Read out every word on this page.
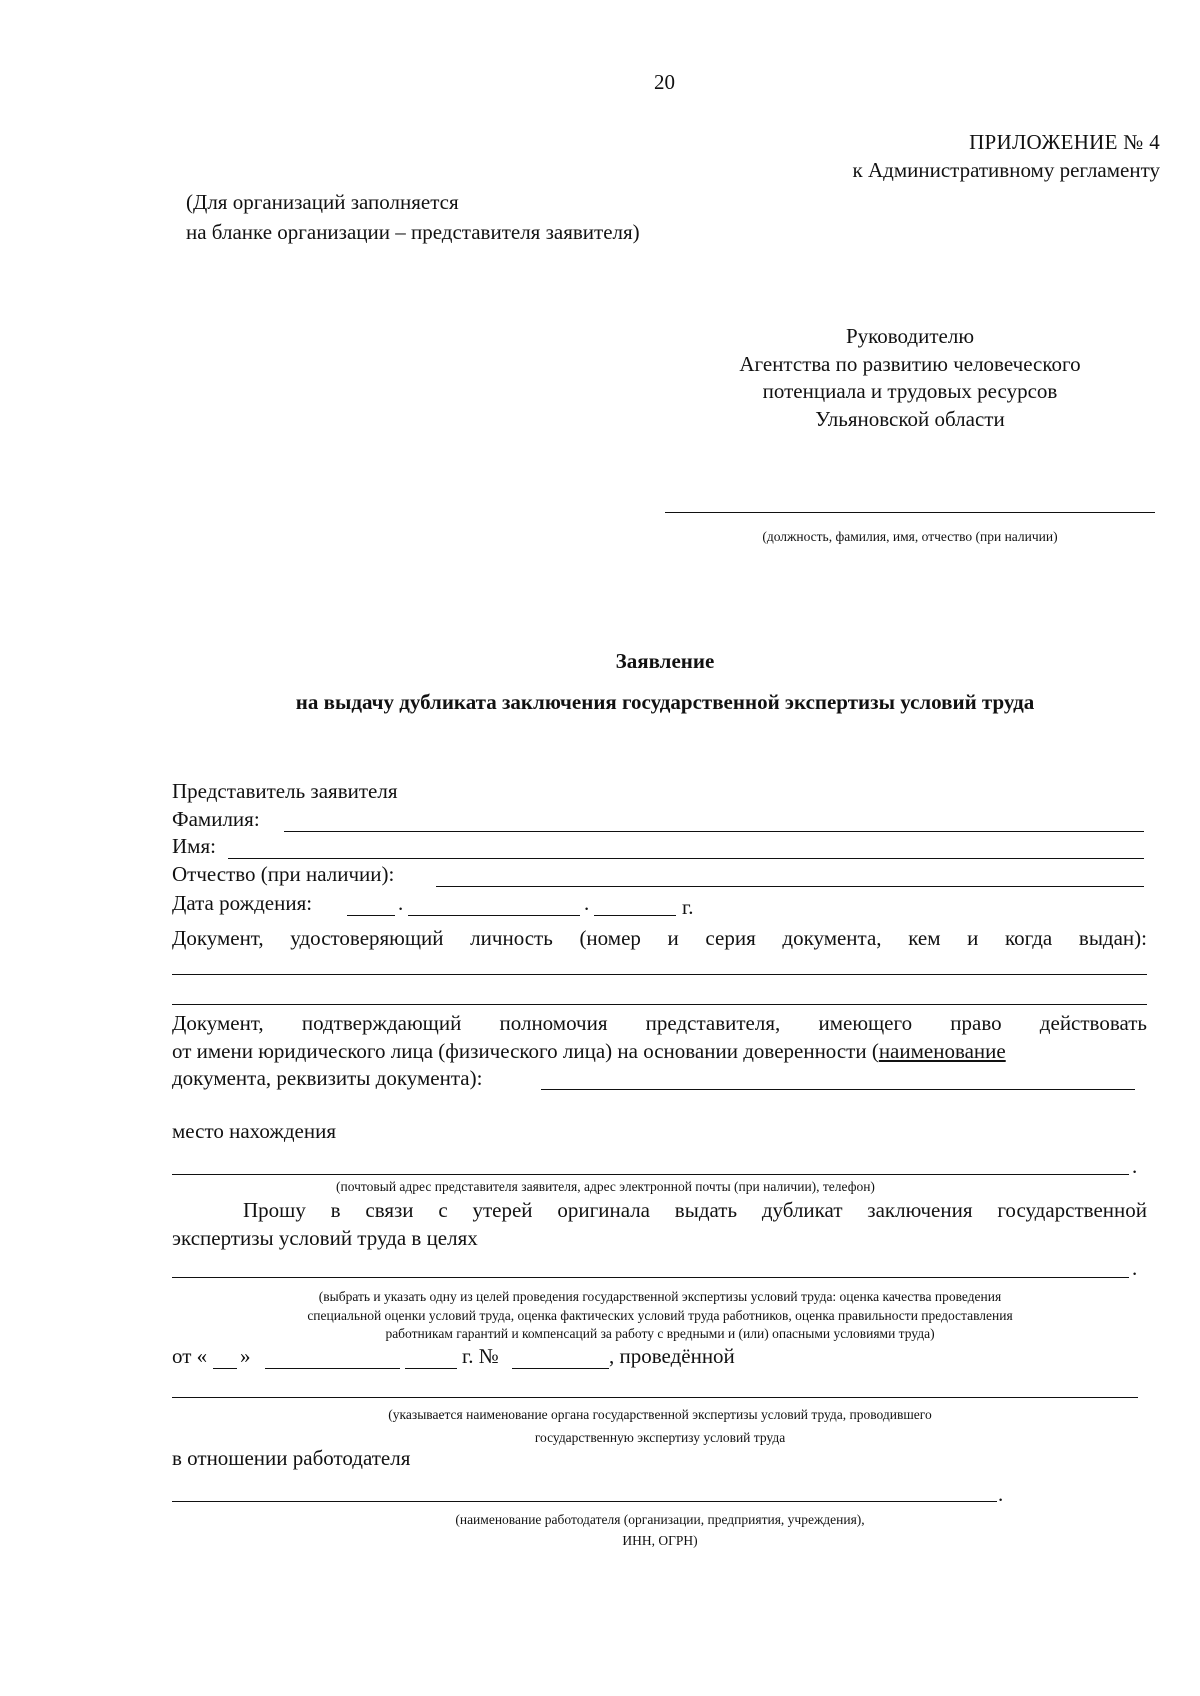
20
ПРИЛОЖЕНИЕ № 4
к Административному регламенту
(Для организаций заполняется
на бланке организации – представителя заявителя)
Руководителю
Агентства по развитию человеческого
потенциала и трудовых ресурсов
Ульяновской области
(должность, фамилия, имя, отчество (при наличии)
Заявление
на выдачу дубликата заключения государственной экспертизы условий труда
Представитель заявителя
Фамилия:
Имя:
Отчество (при наличии):
Дата рождения:	.	.	г.
Документ, удостоверяющий личность (номер и серия документа, кем и когда выдан):
Документ, подтверждающий полномочия представителя, имеющего право действовать
от имени юридического лица (физического лица) на основании доверенности (наименование
документа, реквизиты документа):
место нахождения
.
(почтовый адрес представителя заявителя, адрес электронной почты (при наличии), телефон)
Прошу в связи с утерей оригинала выдать дубликат заключения государственной
экспертизы условий труда в целях
.
(выбрать и указать одну из целей проведения государственной экспертизы условий труда: оценка качества проведения
специальной оценки условий труда, оценка фактических условий труда работников, оценка правильности предоставления
работникам гарантий и компенсаций за работу с вредными и (или) опасными условиями труда)
от « »	г. №	, проведённой
(указывается наименование органа государственной экспертизы условий труда, проводившего
государственную экспертизу условий труда
в отношении работодателя
.
(наименование работодателя (организации, предприятия, учреждения),
ИНН, ОГРН)
